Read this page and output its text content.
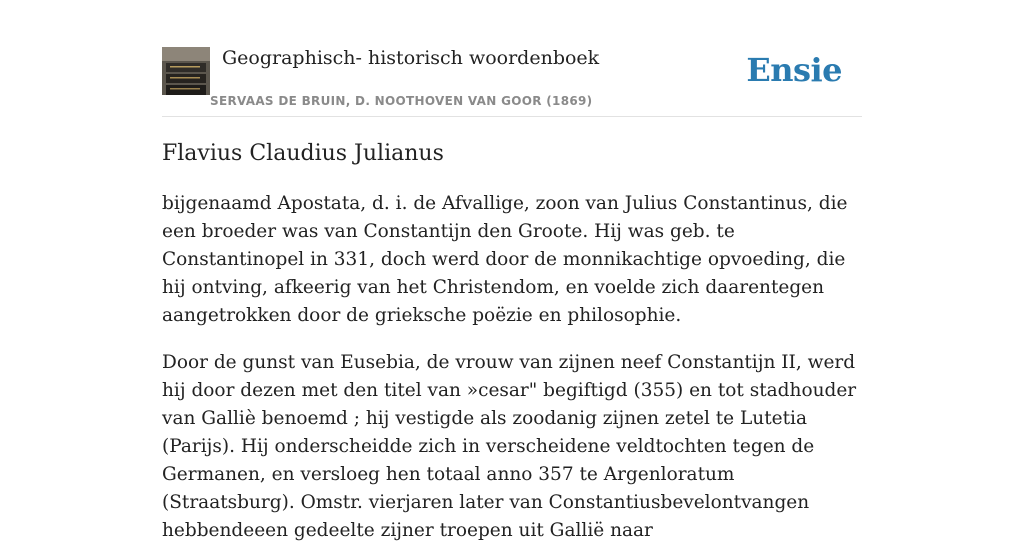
Geographisch- historisch woordenboek
SERVAAS DE BRUIN, D. NOOTHOVEN VAN GOOR (1869)
Ensie
Flavius Claudius Julianus

bijgenaamd Apostata, d. i. de Afvallige, zoon van Julius Constantinus, die een broeder was van Constantijn den Groote. Hij was geb. te Constantinopel in 331, doch werd door de monnikachtige opvoeding, die hij ontving, afkeerig van het Christendom, en voelde zich daarentegen aangetrokken door de grieksche poëzie en philosophie.

Door de gunst van Eusebia, de vrouw van zijnen neef Constantijn II, werd hij door dezen met den titel van »cesar" begiftigd (355) en tot stadhouder van Galliè benoemd ; hij vestigde als zoodanig zijnen zetel te Lutetia (Parijs). Hij onderscheidde zich in verscheidene veldtochten tegen de Germanen, en versloeg hen totaal anno 357 te Argenloratum (Straatsburg). Omstr. vierjaren later van Constantiusbevelontvangen hebbendeeen gedeelte zijner troepen uit Gallië naar
